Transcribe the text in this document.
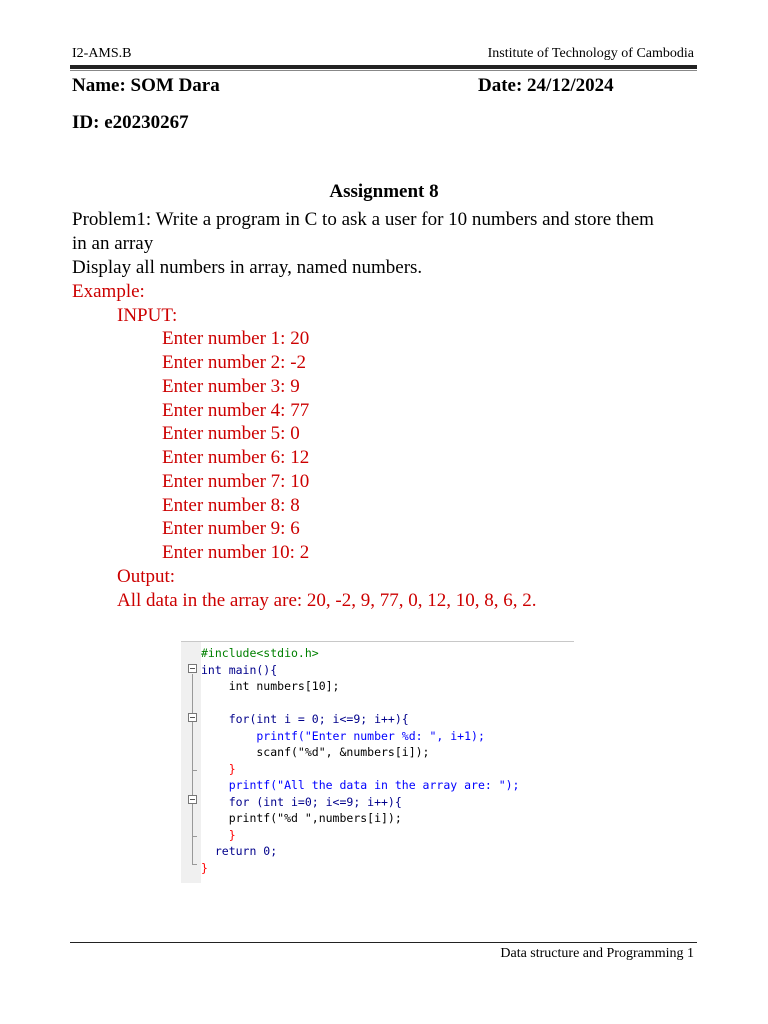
I2-AMS.B	Institute of Technology of Cambodia
Name: SOM Dara	Date: 24/12/2024
ID: e20230267
Assignment 8
Problem1: Write a program in C to ask a user for 10 numbers and store them
in an array
Display all numbers in array, named numbers.
Example:
INPUT:
Enter number 1: 20
Enter number 2: -2
Enter number 3: 9
Enter number 4: 77
Enter number 5: 0
Enter number 6: 12
Enter number 7: 10
Enter number 8: 8
Enter number 9: 6
Enter number 10: 2
Output:
All data in the array are: 20, -2, 9, 77, 0, 12, 10, 8, 6, 2.
#include<stdio.h>
int main(){
int numbers[10];
for(int i = 0; i<=9; i++){
printf("Enter number %d: ", i+1);
scanf("%d", &numbers[i]);
}
printf("All the data in the array are: ");
for (int i=0; i<=9; i++){
printf("%d ",numbers[i]);
}
return 0;
}
Data structure and Programming 1
